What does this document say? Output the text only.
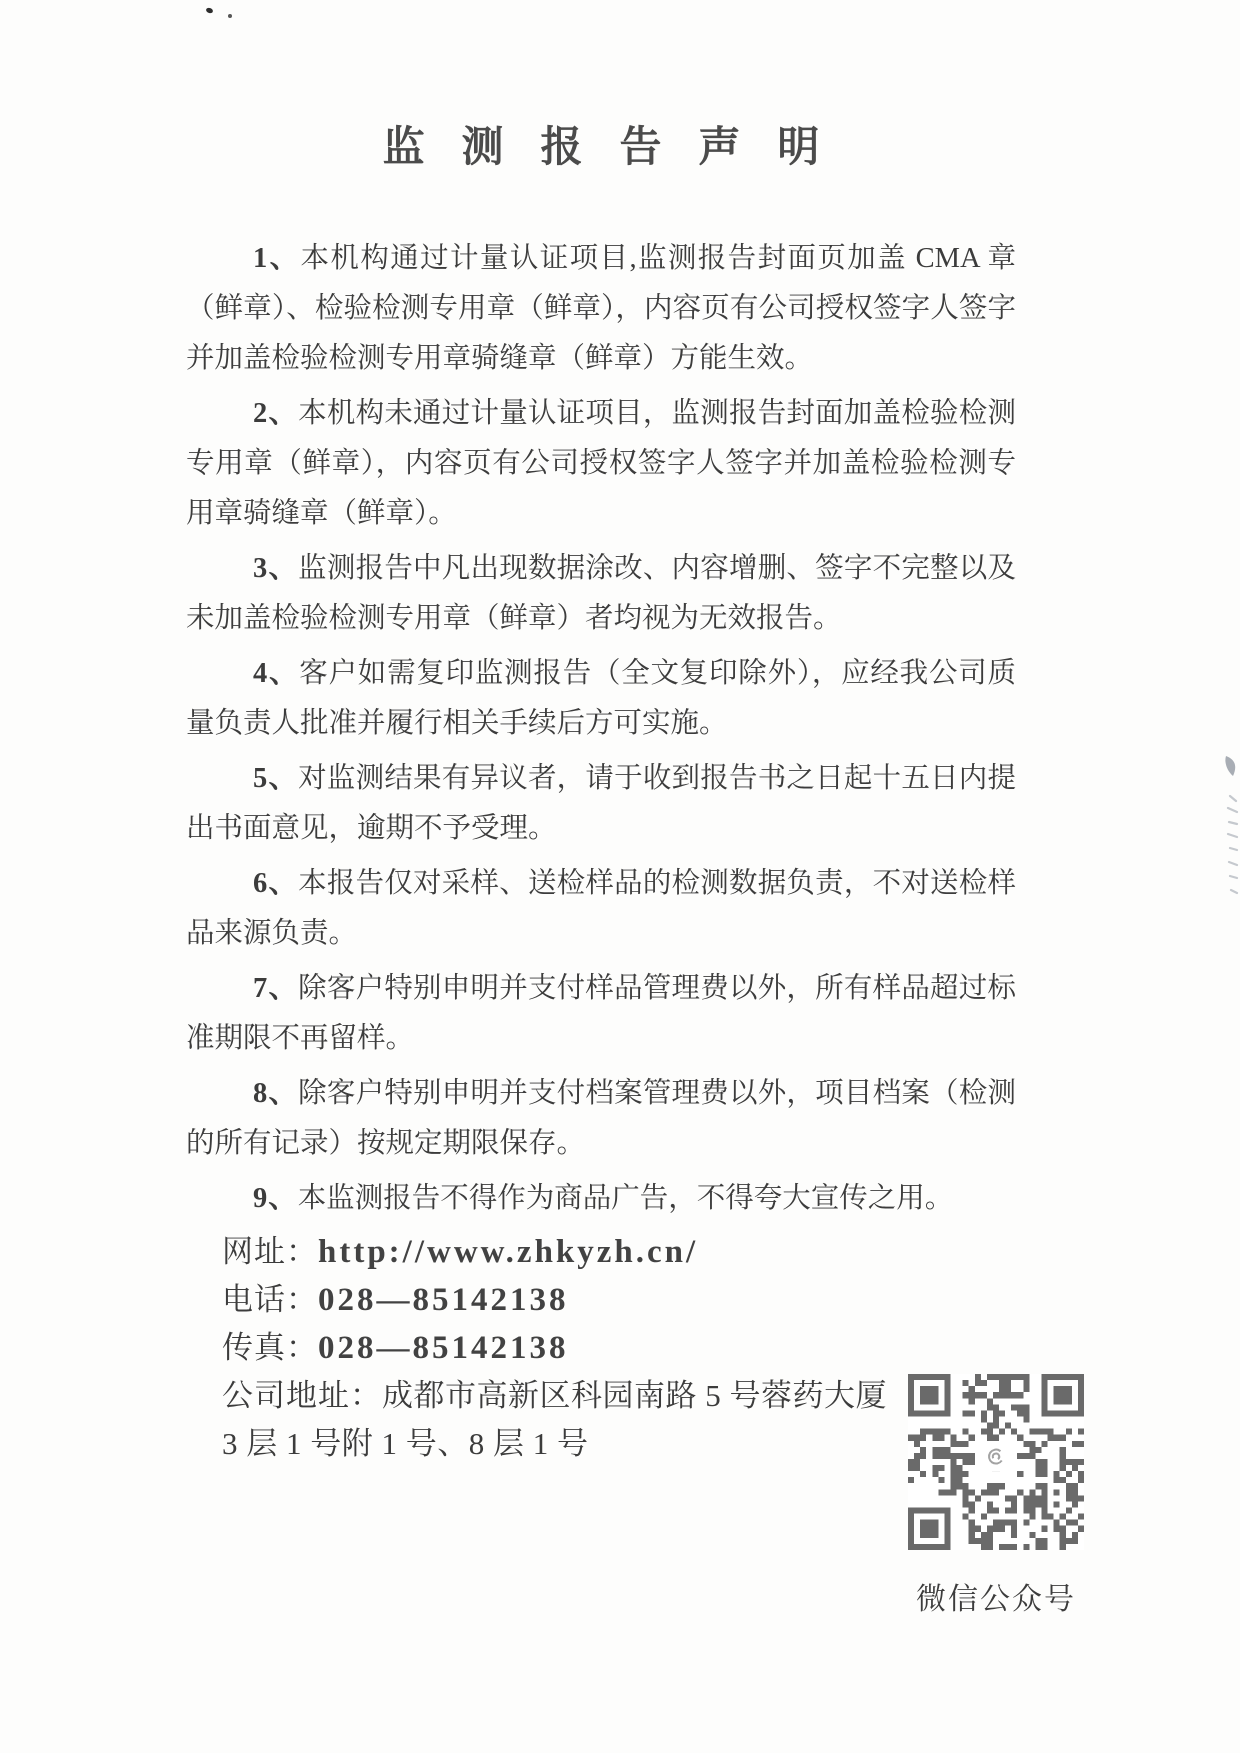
监测报告声明

1、本机构通过计量认证项目,监测报告封面页加盖 CMA 章（鲜章）、检验检测专用章（鲜章），内容页有公司授权签字人签字并加盖检验检测专用章骑缝章（鲜章）方能生效。

2、本机构未通过计量认证项目，监测报告封面加盖检验检测专用章（鲜章），内容页有公司授权签字人签字并加盖检验检测专用章骑缝章（鲜章）。

3、监测报告中凡出现数据涂改、内容增删、签字不完整以及未加盖检验检测专用章（鲜章）者均视为无效报告。

4、客户如需复印监测报告（全文复印除外），应经我公司质量负责人批准并履行相关手续后方可实施。

5、对监测结果有异议者，请于收到报告书之日起十五日内提出书面意见，逾期不予受理。

6、本报告仅对采样、送检样品的检测数据负责，不对送检样品来源负责。

7、除客户特别申明并支付样品管理费以外，所有样品超过标准期限不再留样。

8、除客户特别申明并支付档案管理费以外，项目档案（检测的所有记录）按规定期限保存。

9、本监测报告不得作为商品广告，不得夸大宣传之用。

网址：http://www.zhkyzh.cn/
电话：028—85142138
传真：028—85142138
公司地址：成都市高新区科园南路 5 号蓉药大厦 3 层 1 号附 1 号、8 层 1 号
微信公众号
